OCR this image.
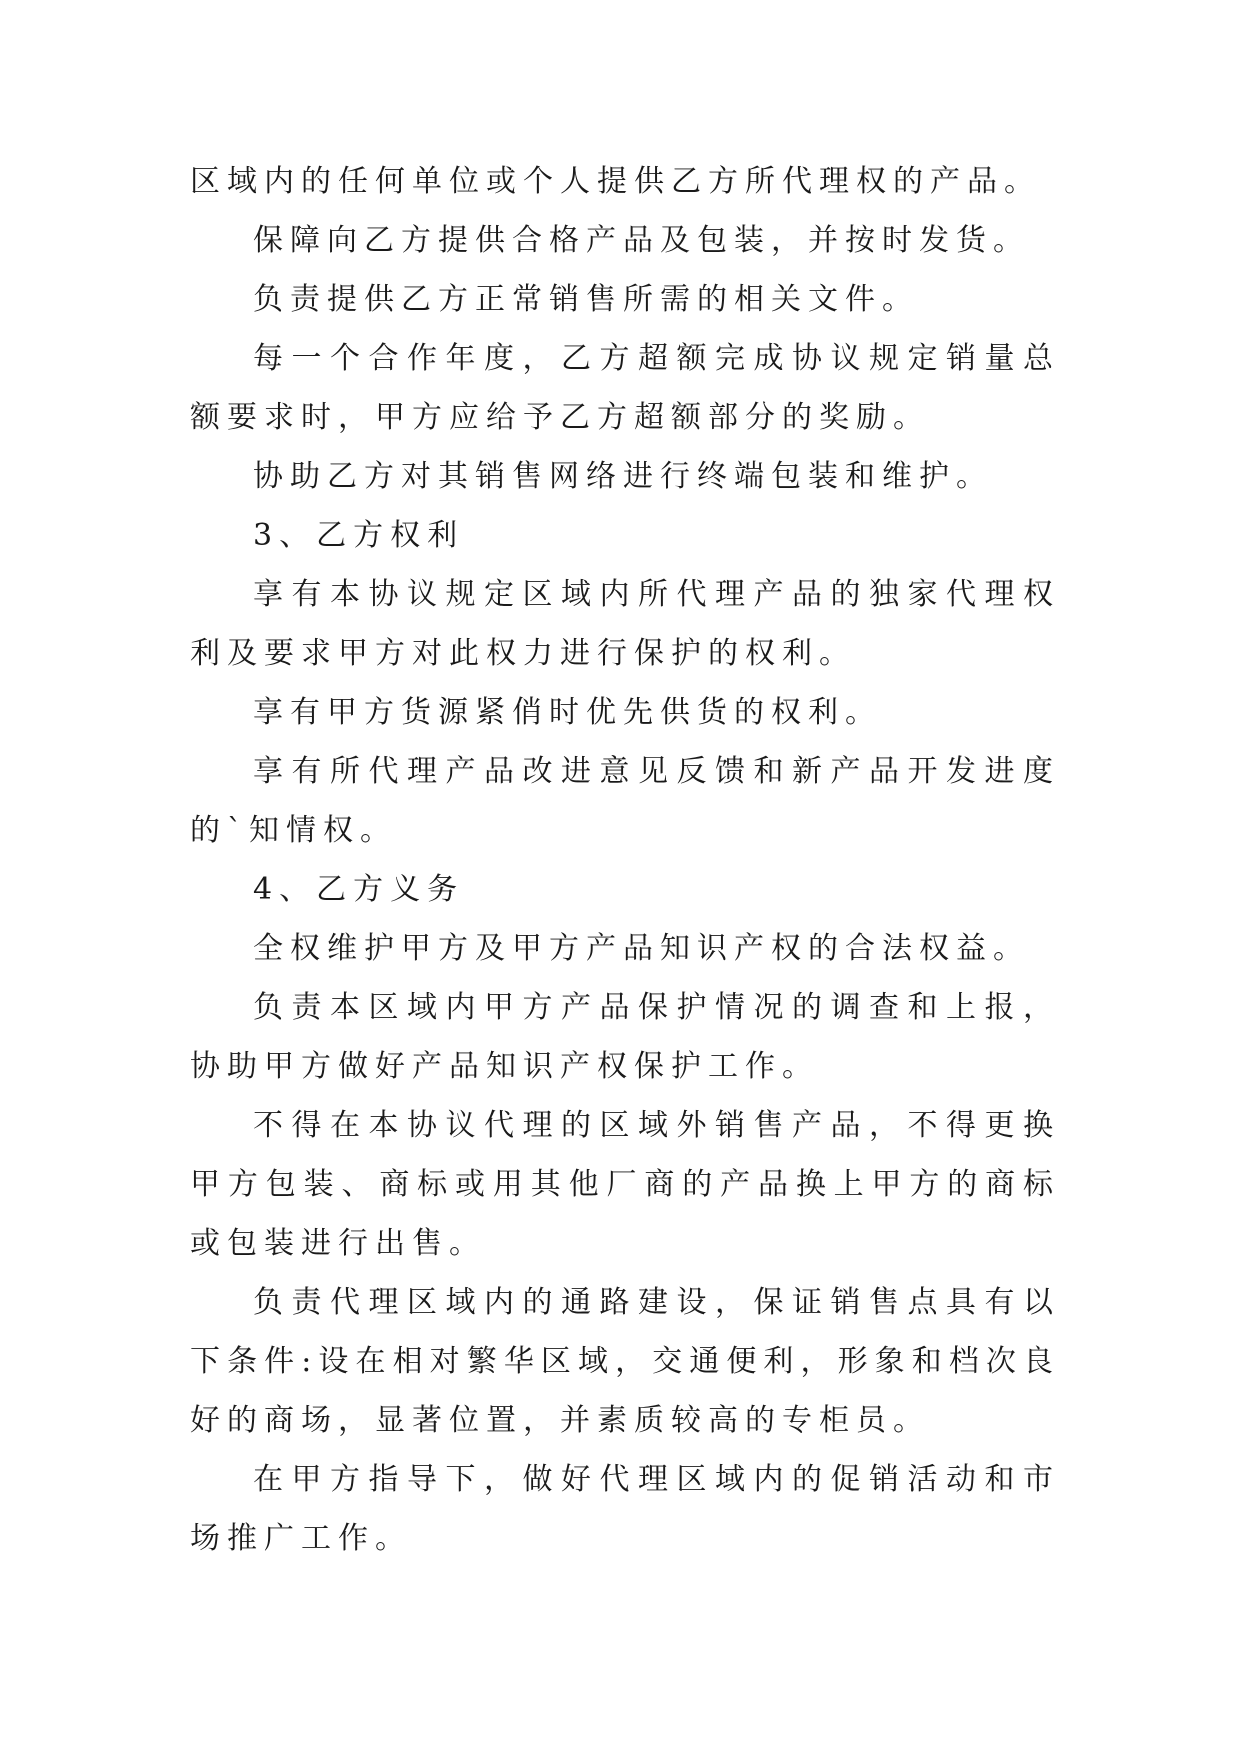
区域内的任何单位或个人提供乙方所代理权的产品。

保障向乙方提供合格产品及包装，并按时发货。

负责提供乙方正常销售所需的相关文件。

每一个合作年度，乙方超额完成协议规定销量总额要求时，甲方应给予乙方超额部分的奖励。

协助乙方对其销售网络进行终端包装和维护。

3、乙方权利

享有本协议规定区域内所代理产品的独家代理权利及要求甲方对此权力进行保护的权利。

享有甲方货源紧俏时优先供货的权利。

享有所代理产品改进意见反馈和新产品开发进度的`知情权。

4、乙方义务

全权维护甲方及甲方产品知识产权的合法权益。

负责本区域内甲方产品保护情况的调查和上报，协助甲方做好产品知识产权保护工作。

不得在本协议代理的区域外销售产品，不得更换甲方包装、商标或用其他厂商的产品换上甲方的商标或包装进行出售。

负责代理区域内的通路建设，保证销售点具有以下条件:设在相对繁华区域，交通便利，形象和档次良好的商场，显著位置，并素质较高的专柜员。

在甲方指导下，做好代理区域内的促销活动和市场推广工作。
